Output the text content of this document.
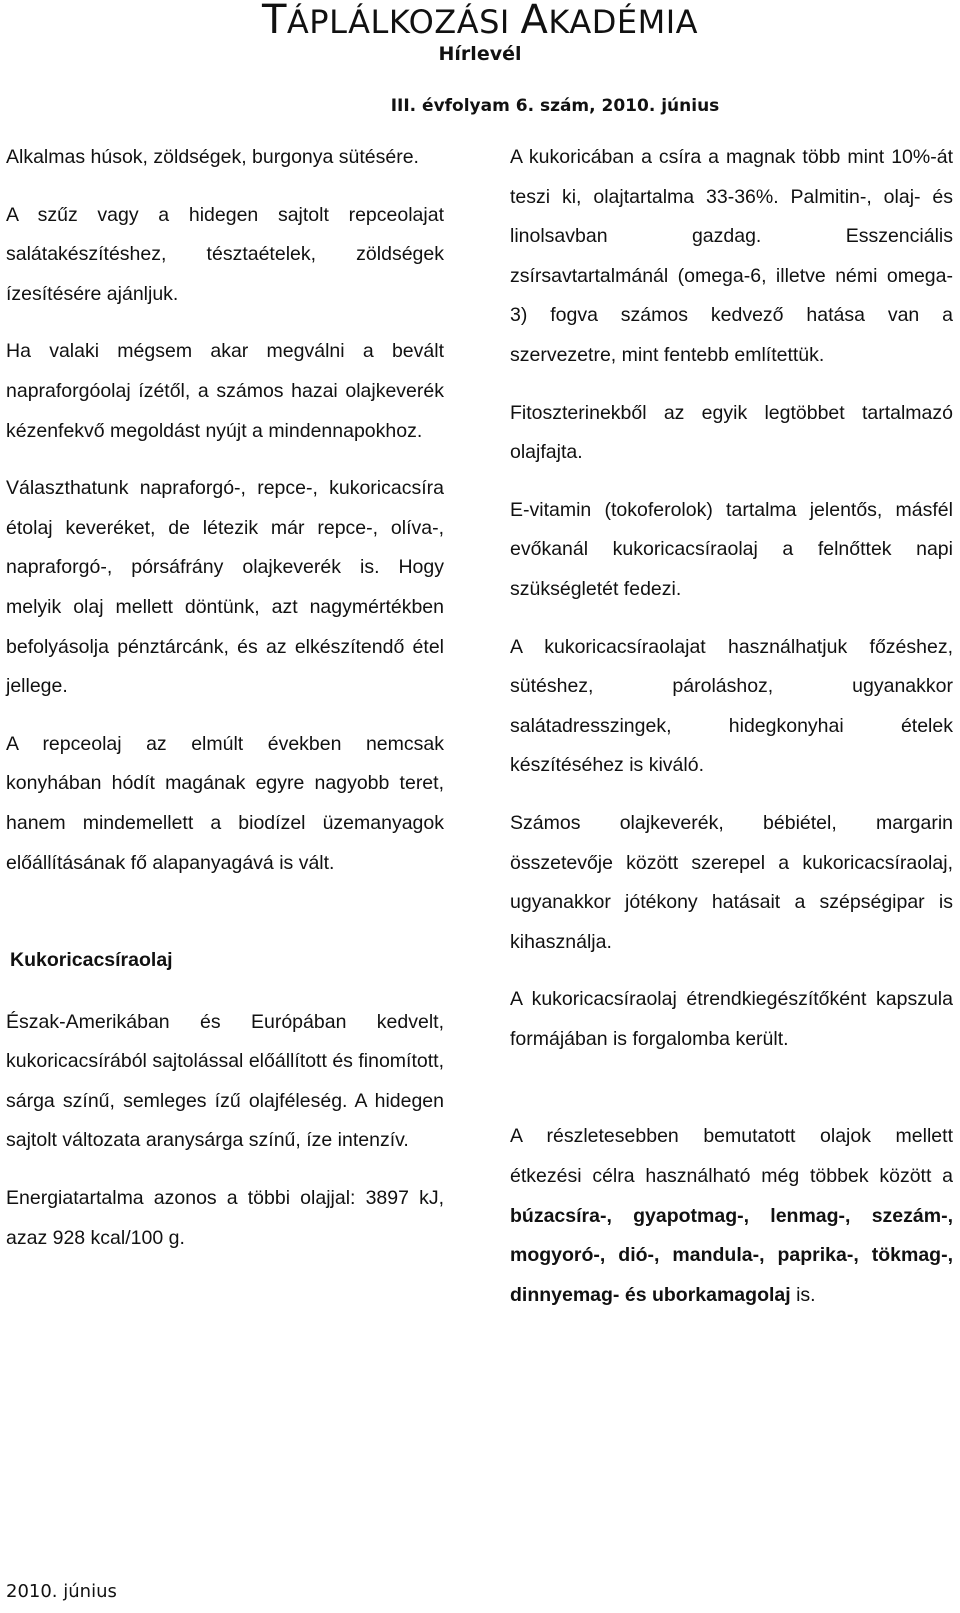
TÁPLÁLKOZÁSI AKADÉMIA
Hírlevél
III. évfolyam 6. szám, 2010. június

Alkalmas húsok, zöldségek, burgonya sütésére.

A szűz vagy a hidegen sajtolt repceolajat salátakészítéshez, tésztaételek, zöldségek ízesítésére ajánljuk.

Ha valaki mégsem akar megválni a bevált napraforgóolaj ízétől, a számos hazai olajkeverék kézenfekvő megoldást nyújt a mindennapokhoz.

Választhatunk napraforgó-, repce-, kukoricacsíra étolaj keveréket, de létezik már repce-, olíva-, napraforgó-, pórsáfrány olajkeverék is. Hogy melyik olaj mellett döntünk, azt nagymértékben befolyásolja pénztárcánk, és az elkészítendő étel jellege.

A repceolaj az elmúlt években nemcsak konyhában hódít magának egyre nagyobb teret, hanem mindemellett a biodízel üzemanyagok előállításának fő alapanyagává is vált.

Kukoricacsíraolaj

Észak-Amerikában és Európában kedvelt, kukoricacsírából sajtolással előállított és finomított, sárga színű, semleges ízű olajféleség. A hidegen sajtolt változata aranysárga színű, íze intenzív.

Energiatartalma azonos a többi olajjal: 3897 kJ, azaz 928 kcal/100 g.

A kukoricában a csíra a magnak több mint 10%-át teszi ki, olajtartalma 33-36%. Palmitin-, olaj- és linolsavban gazdag. Esszenciális zsírsavtartalmánál (omega-6, illetve némi omega-3) fogva számos kedvező hatása van a szervezetre, mint fentebb említettük.

Fitoszterinekből az egyik legtöbbet tartalmazó olajfajta.

E-vitamin (tokoferolok) tartalma jelentős, másfél evőkanál kukoricacsíraolaj a felnőttek napi szükségletét fedezi.

A kukoricacsíraolajat használhatjuk főzéshez, sütéshez, pároláshoz, ugyanakkor salátadresszingek, hidegkonyhai ételek készítéséhez is kiváló.

Számos olajkeverék, bébiétel, margarin összetevője között szerepel a kukoricacsíraolaj, ugyanakkor jótékony hatásait a szépségipar is kihasználja.

A kukoricacsíraolaj étrendkiegészítőként kapszula formájában is forgalomba került.

A részletesebben bemutatott olajok mellett étkezési célra használható még többek között a búzacsíra-, gyapotmag-, lenmag-, szezám-, mogyoró-, dió-, mandula-, paprika-, tökmag-, dinnyemag- és uborkamagolaj is.

2010. június
